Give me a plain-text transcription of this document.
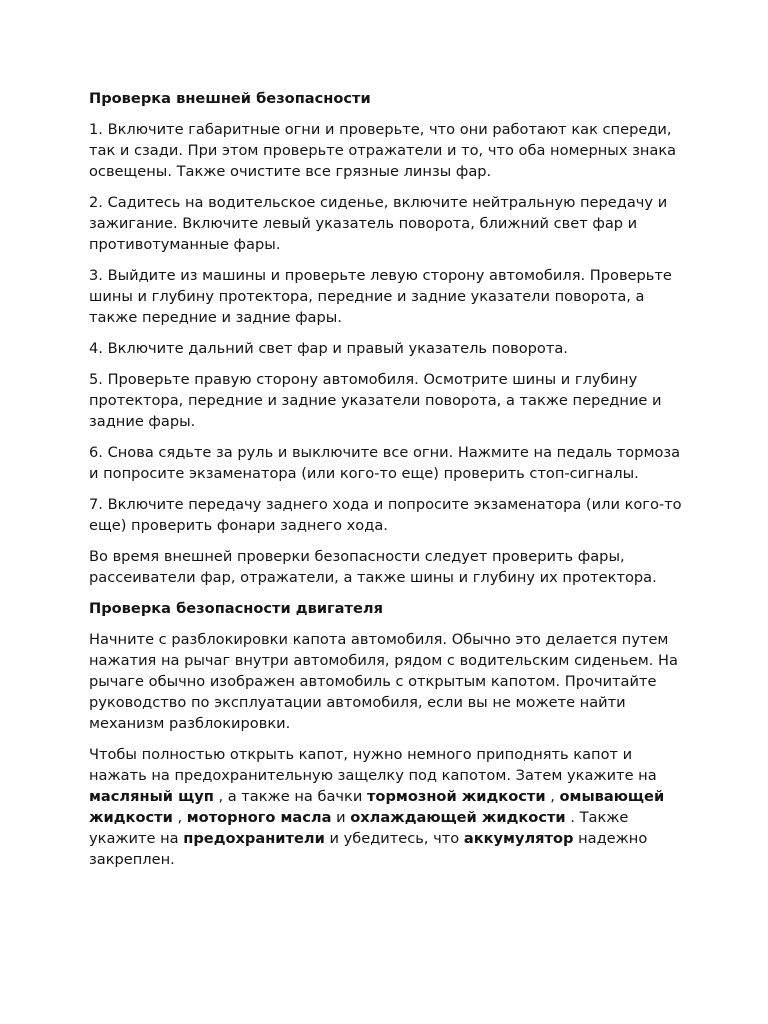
Проверка внешней безопасности

1. Включите габаритные огни и проверьте, что они работают как спереди, так и сзади. При этом проверьте отражатели и то, что оба номерных знака освещены. Также очистите все грязные линзы фар.

2. Садитесь на водительское сиденье, включите нейтральную передачу и зажигание. Включите левый указатель поворота, ближний свет фар и противотуманные фары.

3. Выйдите из машины и проверьте левую сторону автомобиля. Проверьте шины и глубину протектора, передние и задние указатели поворота, а также передние и задние фары.

4. Включите дальний свет фар и правый указатель поворота.

5. Проверьте правую сторону автомобиля. Осмотрите шины и глубину протектора, передние и задние указатели поворота, а также передние и задние фары.

6. Снова сядьте за руль и выключите все огни. Нажмите на педаль тормоза и попросите экзаменатора (или кого-то еще) проверить стоп-сигналы.

7. Включите передачу заднего хода и попросите экзаменатора (или кого-то еще) проверить фонари заднего хода.

Во время внешней проверки безопасности следует проверить фары, рассеиватели фар, отражатели, а также шины и глубину их протектора.

Проверка безопасности двигателя

Начните с разблокировки капота автомобиля. Обычно это делается путем нажатия на рычаг внутри автомобиля, рядом с водительским сиденьем. На рычаге обычно изображен автомобиль с открытым капотом. Прочитайте руководство по эксплуатации автомобиля, если вы не можете найти механизм разблокировки.

Чтобы полностью открыть капот, нужно немного приподнять капот и нажать на предохранительную защелку под капотом. Затем укажите на масляный щуп , а также на бачки тормозной жидкости , омывающей жидкости , моторного масла и охлаждающей жидкости . Также укажите на предохранители и убедитесь, что аккумулятор надежно закреплен.
